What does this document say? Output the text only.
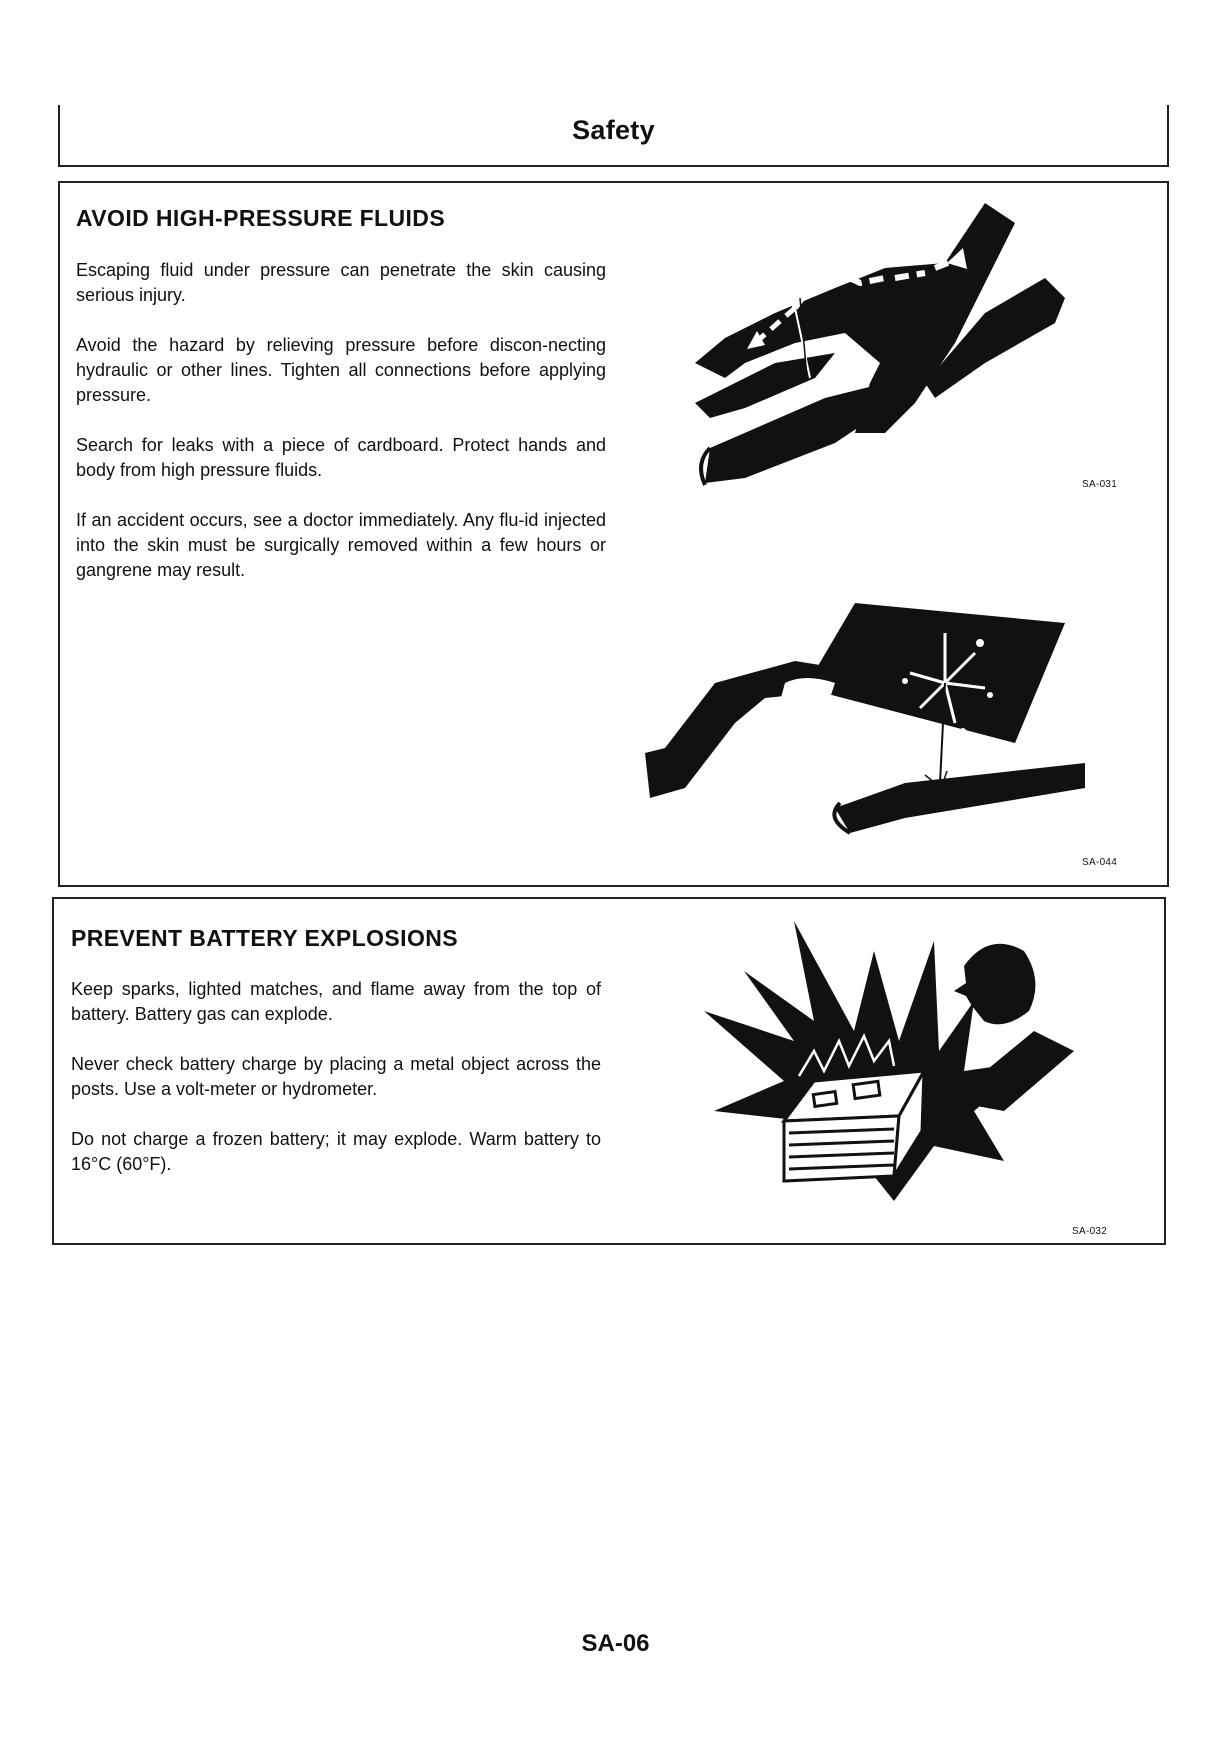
Safety
AVOID HIGH-PRESSURE FLUIDS

Escaping fluid under pressure can penetrate the skin causing serious injury.

Avoid the hazard by relieving pressure before discon-necting hydraulic or other lines. Tighten all connections before applying pressure.

Search for leaks with a piece of cardboard. Protect hands and body from high pressure fluids.

If an accident occurs, see a doctor immediately. Any flu-id injected into the skin must be surgically removed within a few hours or gangrene may result.

SA-031
SA-044
PREVENT BATTERY EXPLOSIONS

Keep sparks, lighted matches, and flame away from the top of battery. Battery gas can explode.

Never check battery charge by placing a metal object across the posts. Use a volt-meter or hydrometer.

Do not charge a frozen battery; it may explode. Warm battery to 16°C (60°F).

SA-032
SA-06
